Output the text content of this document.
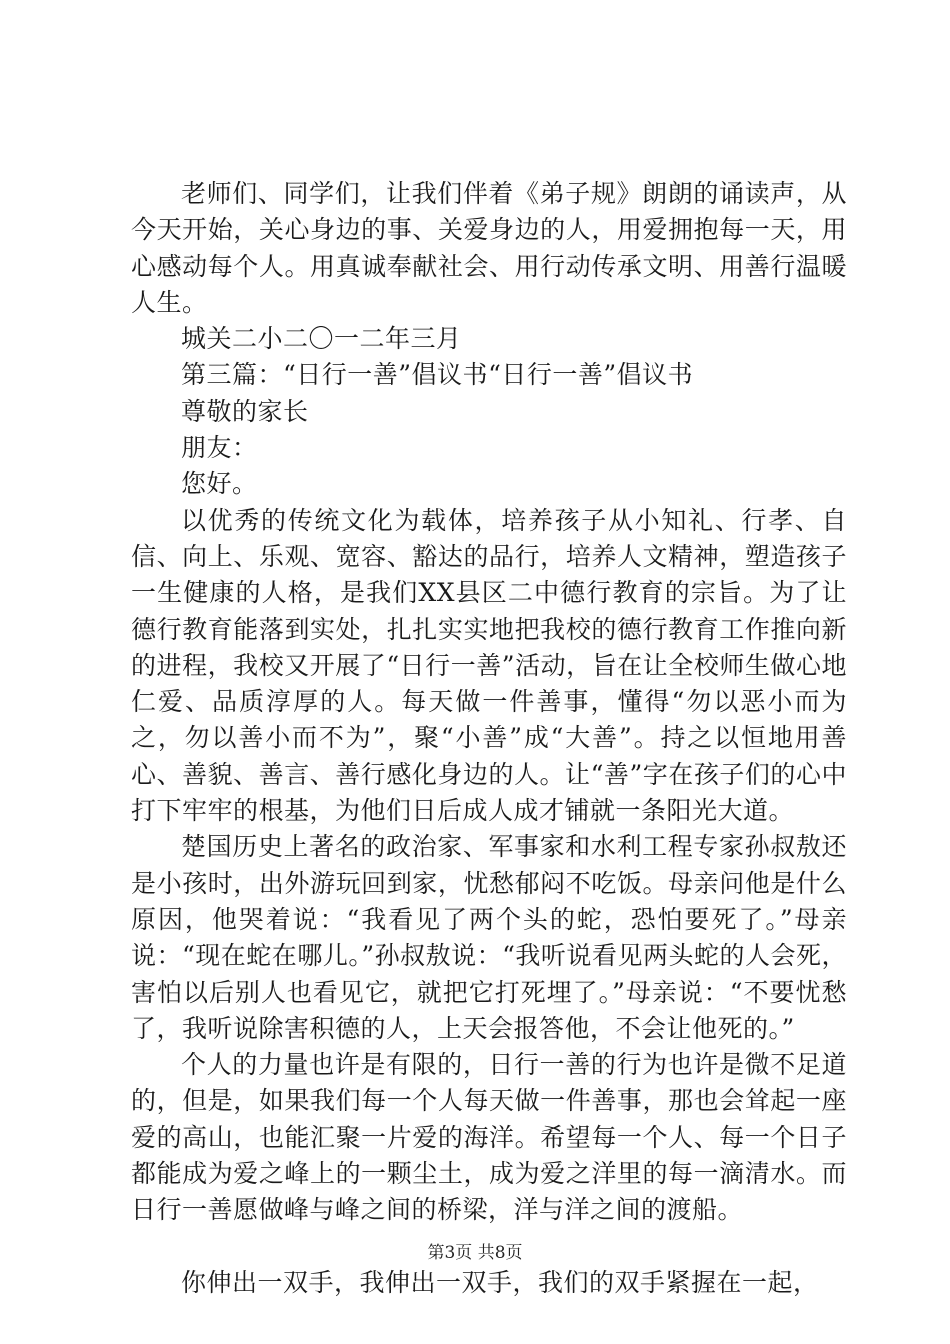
老师们、同学们，让我们伴着《弟子规》朗朗的诵读声，从今天开始，关心身边的事、关爱身边的人，用爱拥抱每一天，用心感动每个人。用真诚奉献社会、用行动传承文明、用善行温暖人生。

城关二小二〇一二年三月

第三篇：“日行一善”倡议书“日行一善”倡议书

尊敬的家长

朋友：

您好。

以优秀的传统文化为载体，培养孩子从小知礼、行孝、自信、向上、乐观、宽容、豁达的品行，培养人文精神，塑造孩子一生健康的人格，是我们XX县区二中德行教育的宗旨。为了让德行教育能落到实处，扎扎实实地把我校的德行教育工作推向新的进程，我校又开展了“日行一善”活动，旨在让全校师生做心地仁爱、品质淳厚的人。每天做一件善事，懂得“勿以恶小而为之，勿以善小而不为”，聚“小善”成“大善”。持之以恒地用善心、善貌、善言、善行感化身边的人。让“善”字在孩子们的心中打下牢牢的根基，为他们日后成人成才铺就一条阳光大道。

楚国历史上著名的政治家、军事家和水利工程专家孙叔敖还是小孩时，出外游玩回到家，忧愁郁闷不吃饭。母亲问他是什么原因，他哭着说：“我看见了两个头的蛇，恐怕要死了。”母亲说：“现在蛇在哪儿。”孙叔敖说：“我听说看见两头蛇的人会死，害怕以后别人也看见它，就把它打死埋了。”母亲说：“不要忧愁了，我听说除害积德的人，上天会报答他，不会让他死的。”

个人的力量也许是有限的，日行一善的行为也许是微不足道的，但是，如果我们每一个人每天做一件善事，那也会耸起一座爱的高山，也能汇聚一片爱的海洋。希望每一个人、每一个日子都能成为爱之峰上的一颗尘土，成为爱之洋里的每一滴清水。而日行一善愿做峰与峰之间的桥梁，洋与洋之间的渡船。

你伸出一双手，我伸出一双手，我们的双手紧握在一起，

第3页 共8页
